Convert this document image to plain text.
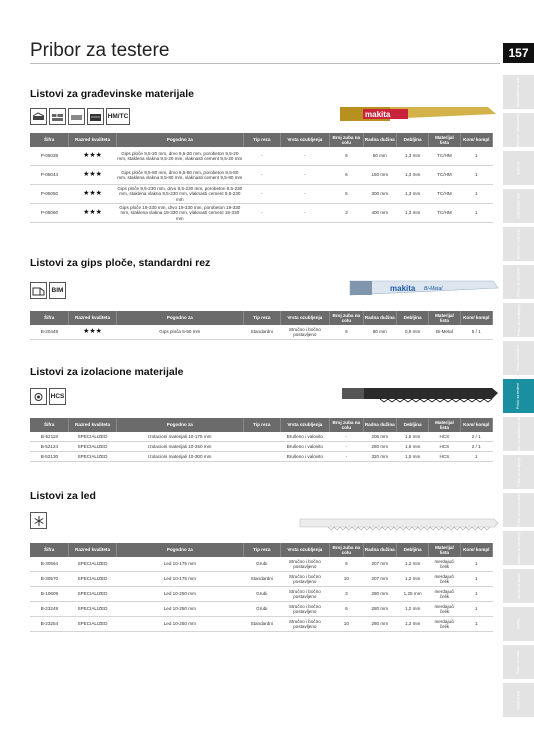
Pribor za testere	157
Listovi za građevinske materijale
HM/TC	makita
Šifra	Razred kvaliteta	Pogodno za	Tip reza	Vrsta ozubljenja	Broj zuba na colu	Radna dužina	Debljina	Materijal lista	Kom/ kompl
P-05038	★★★	Gips ploče 9,5-20 mm, drvo 9,5-20 mm, porobeton 9,5-20 mm, staklena vlakna 9,5-20 mm, vlaknasti cement 9,5-20 mm	-	-	6	50 mm	1,3 mm	TC/HM	1
P-05044	★★★	Gips ploče 9,5-80 mm, drvo 9,5-80 mm, porobeton 9,5-80 mm, staklena vlakna 9,5-80 mm, vlaknasti cement 9,5-80 mm	-	-	6	150 mm	1,3 mm	TC/HM	1
P-05050	★★★	Gips ploče 9,5-230 mm, drvo 9,5-230 mm, porobeton 9,5-230 mm, staklena vlakna 9,5-230 mm, vlaknasti cement 9,5-230 mm	-	-	6	300 mm	1,3 mm	TC/HM	1
P-05060	★★★	Gips ploče 19-330 mm, drvo 19-330 mm, porobeton 19-330 mm, staklena vlakna 19-330 mm, vlaknasti cement 19-330 mm	-	-	3	400 mm	1,3 mm	TC/HM	1
Listovi za gips ploče, standardni rez
BIM	makita Bi-Metal
Šifra	Razred kvaliteta	Pogodno za	Tip reza	Vrsta ozubljenja	Broj zuba na colu	Radna dužina	Debljina	Materijal lista	Kom/ kompl
B-20448	★★★	Gips ploča 5-50 mm	Standardni	Stručno i bočno postavljeno	6	80 mm	0,9 mm	Bi-Metal	5 / 1
Listovi za izolacione materijale
HCS
Šifra	Razred kvaliteta	Pogodno za	Tip reza	Vrsta ozubljenja	Broj zuba na colu	Radna dužina	Debljina	Materijal lista	Kom/ kompl
B-52118	SPECIALIZED	Izolacioni materijali 10-175 mm		Brušeno i valovito	-	205 mm	1,5 mm	HCS	2 / 1
B-52124	SPECIALIZED	Izolacioni materijali 10-250 mm		Brušeno i valovito	-	280 mm	1,5 mm	HCS	2 / 1
B-52130	SPECIALIZED	Izolacioni materijali 10-300 mm		Brušeno i valovito	-	320 mm	1,5 mm	HCS	1
Listovi za led
Šifra	Razred kvaliteta	Pogodno za	Tip reza	Vrsta ozubljenja	Broj zuba na colu	Radna dužina	Debljina	Materijal lista	Kom/ kompl
B-30564	SPECIALIZED	Led 10-175 mm	Grubi	Stručno i bočno postavljeno	6	207 mm	1,2 mm	merdajući čelik	1
B-30570	SPECIALIZED	Led 10-175 mm	Standardni	Stručno i bočno postavljeno	10	207 mm	1,2 mm	merdajući čelik	1
B-10609	SPECIALIZED	Led 10-250 mm	Grubi	Stručno i bočno postavljeno	3	280 mm	1,25 mm	merdajući čelik	1
B-23248	SPECIALIZED	Led 10-250 mm	Grubi	Stručno i bočno postavljeno	6	280 mm	1,2 mm	merdajući čelik	1
B-23254	SPECIALIZED	Led 10-250 mm	Standardni	Stručno i bočno postavljeno	10	280 mm	1,2 mm	merdajući čelik	1
Akumulatorski alati
Bušenje i štemovanje
Bušenje
Dijamantski alat
Brušenje i poliranje
Pribor za glodanje
Pribor za rendisanje
Pribor za testere
Pribor za testere
Pribor za oscilatorne alate
Pribor za šrafljenje
Pribor za pneumatski
Mašine za zavrtanje
Mreža za nauke
Zaštita
Pribor za baštu
Ostali pribor
